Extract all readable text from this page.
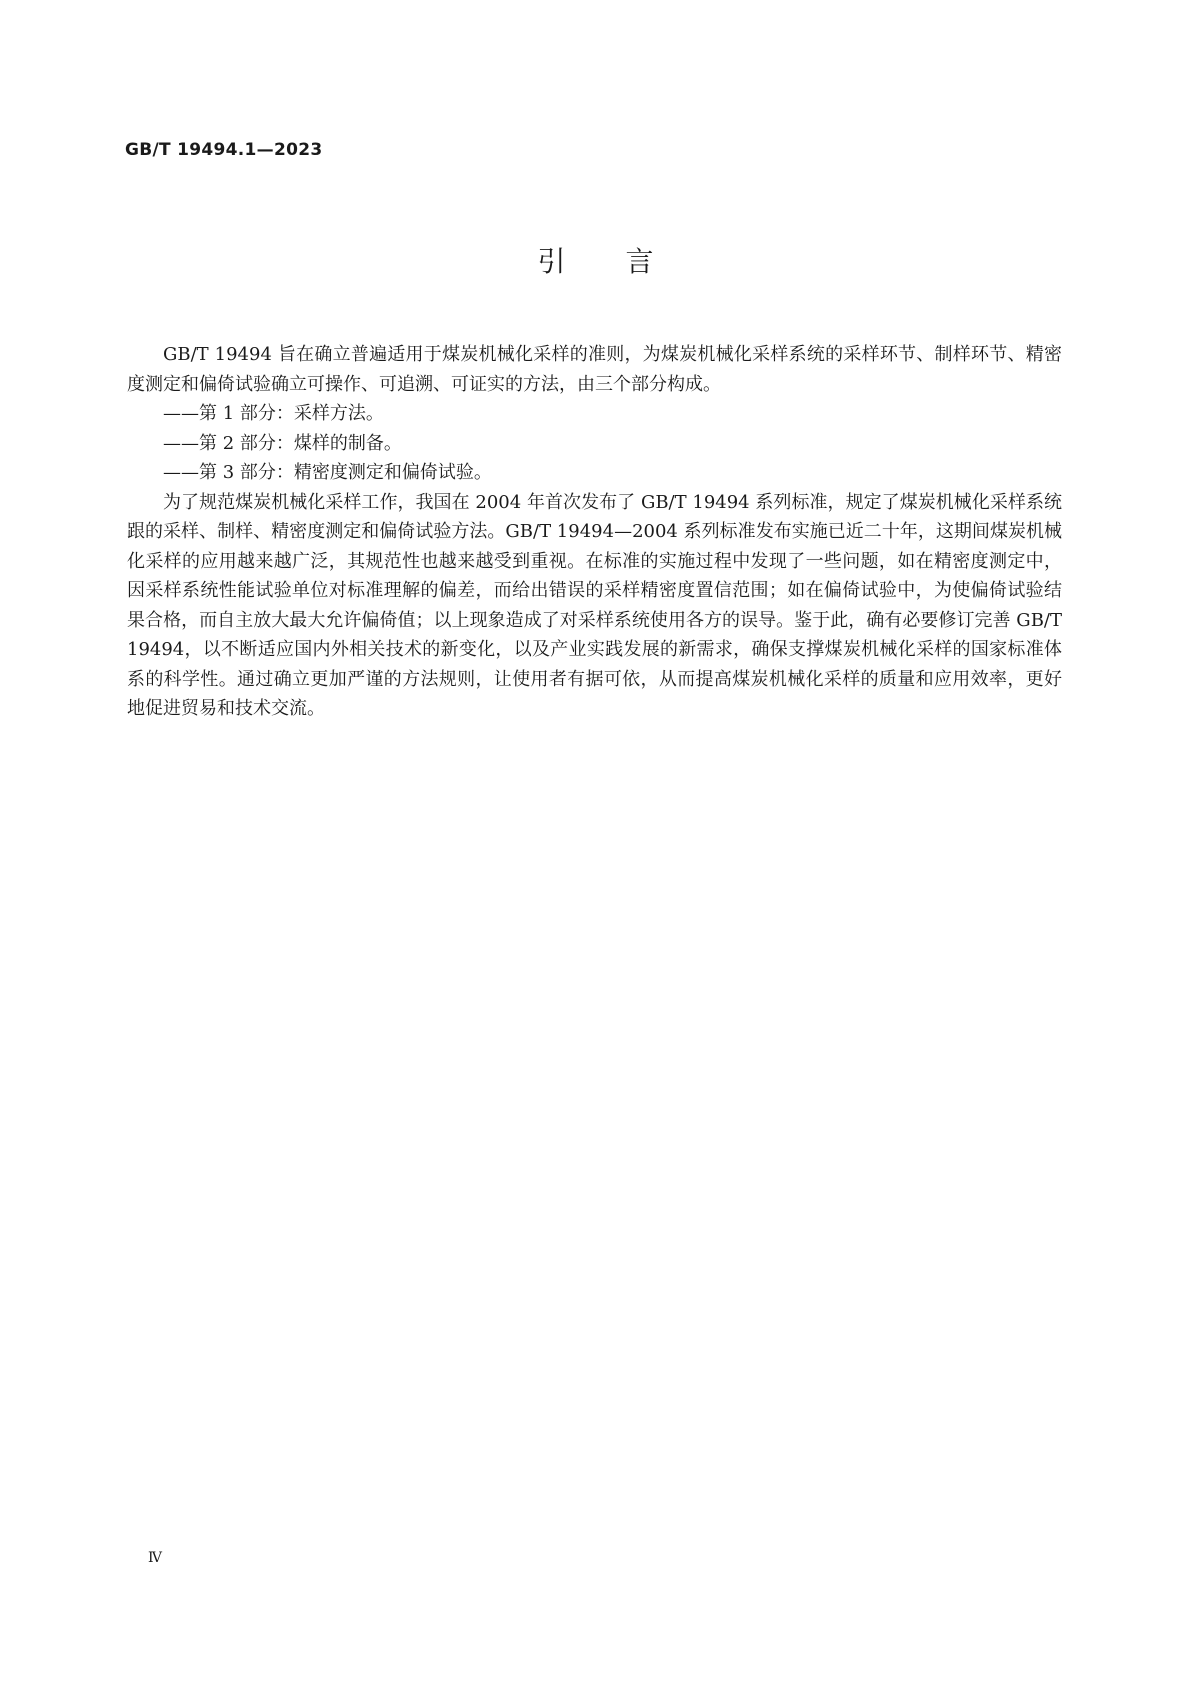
GB/T 19494.1—2023
引言

GB/T 19494 旨在确立普遍适用于煤炭机械化采样的准则，为煤炭机械化采样系统的采样环节、制样环节、精密度测定和偏倚试验确立可操作、可追溯、可证实的方法，由三个部分构成。

——第 1 部分：采样方法。

——第 2 部分：煤样的制备。

——第 3 部分：精密度测定和偏倚试验。

为了规范煤炭机械化采样工作，我国在 2004 年首次发布了 GB/T 19494 系列标准，规定了煤炭机械化采样系统跟的采样、制样、精密度测定和偏倚试验方法。GB/T 19494—2004 系列标准发布实施已近二十年，这期间煤炭机械化采样的应用越来越广泛，其规范性也越来越受到重视。在标准的实施过程中发现了一些问题，如在精密度测定中，因采样系统性能试验单位对标准理解的偏差，而给出错误的采样精密度置信范围；如在偏倚试验中，为使偏倚试验结果合格，而自主放大最大允许偏倚值；以上现象造成了对采样系统使用各方的误导。鉴于此，确有必要修订完善 GB/T 19494，以不断适应国内外相关技术的新变化，以及产业实践发展的新需求，确保支撑煤炭机械化采样的国家标准体系的科学性。通过确立更加严谨的方法规则，让使用者有据可依，从而提高煤炭机械化采样的质量和应用效率，更好地促进贸易和技术交流。

Ⅳ
